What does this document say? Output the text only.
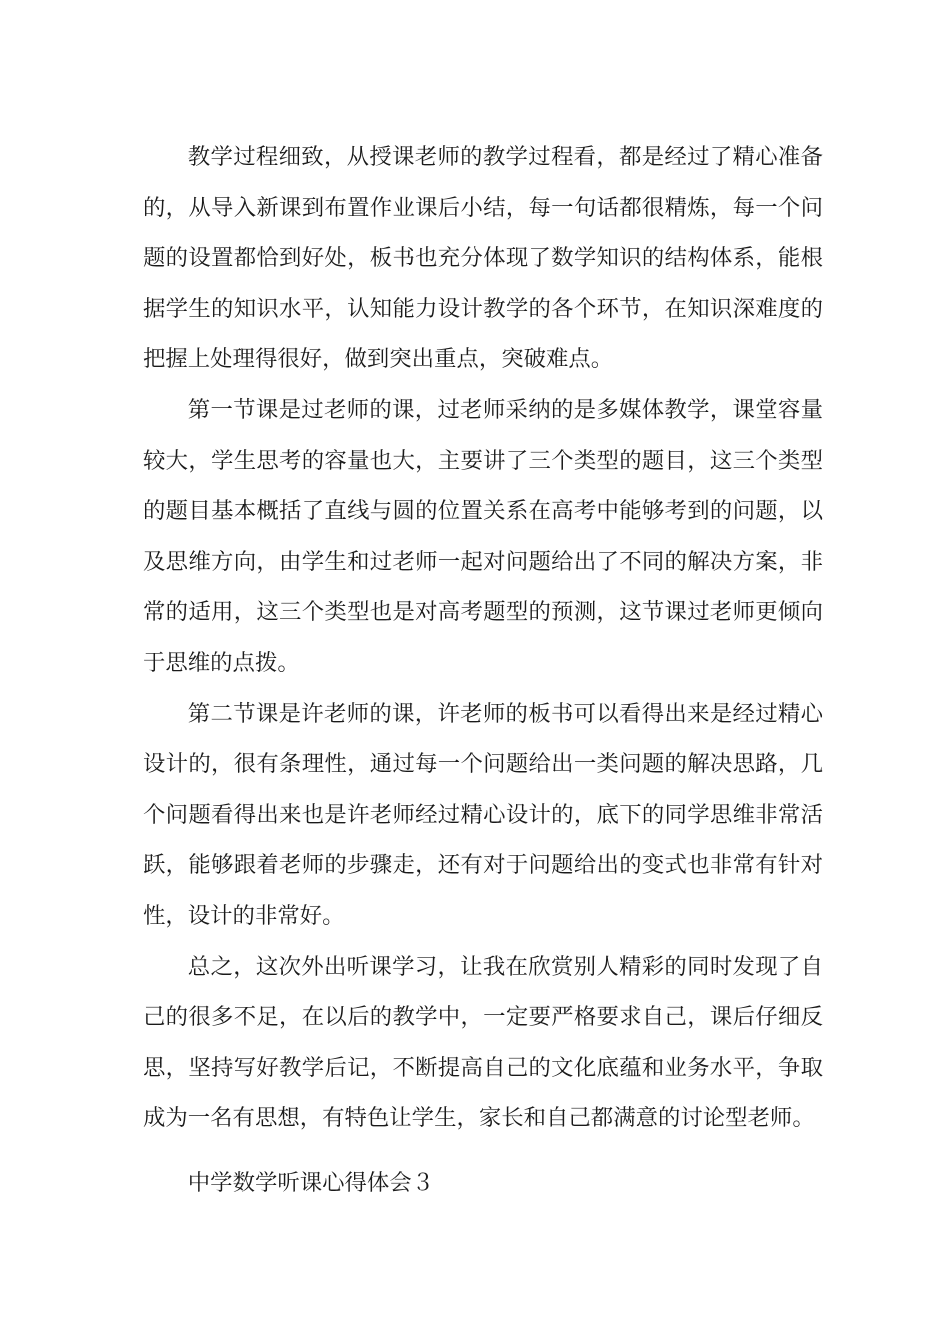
教学过程细致，从授课老师的教学过程看，都是经过了精心准备的，从导入新课到布置作业课后小结，每一句话都很精炼，每一个问题的设置都恰到好处，板书也充分体现了数学知识的结构体系，能根据学生的知识水平，认知能力设计教学的各个环节，在知识深难度的把握上处理得很好，做到突出重点，突破难点。

第一节课是过老师的课，过老师采纳的是多媒体教学，课堂容量较大，学生思考的容量也大，主要讲了三个类型的题目，这三个类型的题目基本概括了直线与圆的位置关系在高考中能够考到的问题，以及思维方向，由学生和过老师一起对问题给出了不同的解决方案，非常的适用，这三个类型也是对高考题型的预测，这节课过老师更倾向于思维的点拨。

第二节课是许老师的课，许老师的板书可以看得出来是经过精心设计的，很有条理性，通过每一个问题给出一类问题的解决思路，几个问题看得出来也是许老师经过精心设计的，底下的同学思维非常活跃，能够跟着老师的步骤走，还有对于问题给出的变式也非常有针对性，设计的非常好。

总之，这次外出听课学习，让我在欣赏别人精彩的同时发现了自己的很多不足，在以后的教学中，一定要严格要求自己，课后仔细反思，坚持写好教学后记，不断提高自己的文化底蕴和业务水平，争取成为一名有思想，有特色让学生，家长和自己都满意的讨论型老师。

中学数学听课心得体会３
